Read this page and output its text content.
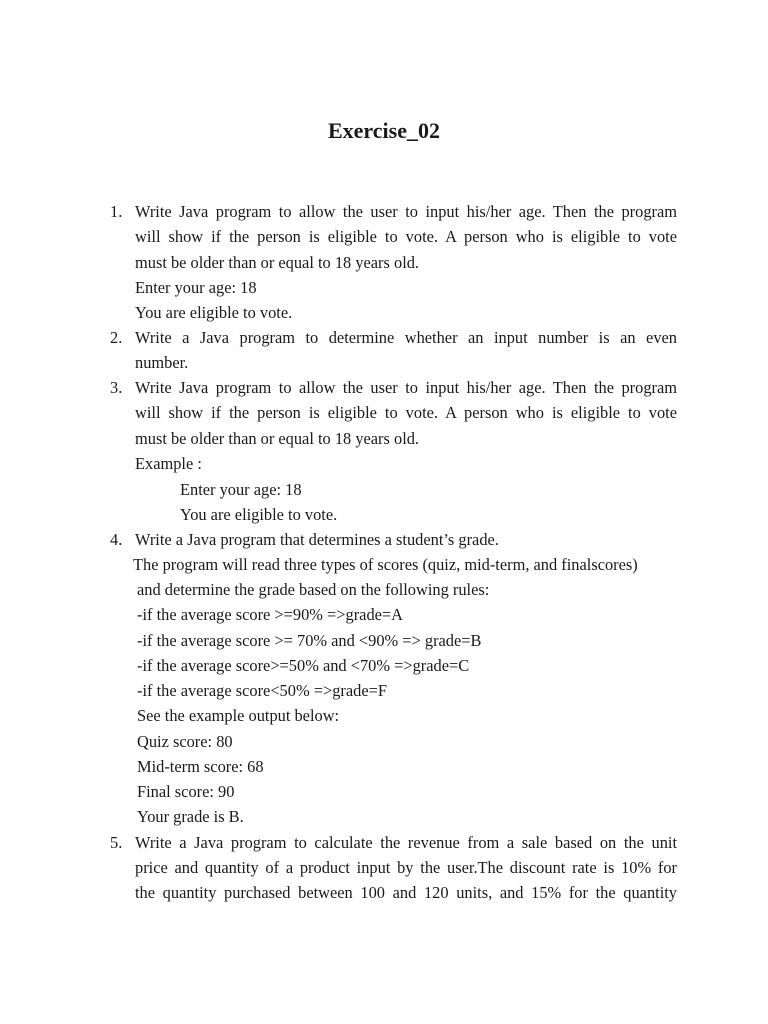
Exercise_02

1. Write Java program to allow the user to input his/her age. Then the program

will show if the person is eligible to vote. A person who is eligible to vote

must be older than or equal to 18 years old.

Enter your age: 18

You are eligible to vote.

2. Write a Java program to determine whether an input number is an even

number.

3. Write Java program to allow the user to input his/her age. Then the program

will show if the person is eligible to vote. A person who is eligible to vote

must be older than or equal to 18 years old.

Example :

Enter your age: 18

You are eligible to vote.

4. Write a Java program that determines a student’s grade.

The program will read three types of scores (quiz, mid-term, and finalscores)

and determine the grade based on the following rules:

-if the average score >=90% =>grade=A

-if the average score >= 70% and <90% => grade=B

-if the average score>=50% and <70% =>grade=C

-if the average score<50% =>grade=F

See the example output below:

Quiz score: 80

Mid-term score: 68

Final score: 90

Your grade is B.

5. Write a Java program to calculate the revenue from a sale based on the unit

price and quantity of a product input by the user.The discount rate is 10% for

the quantity purchased between 100 and 120 units, and 15% for the quantity
